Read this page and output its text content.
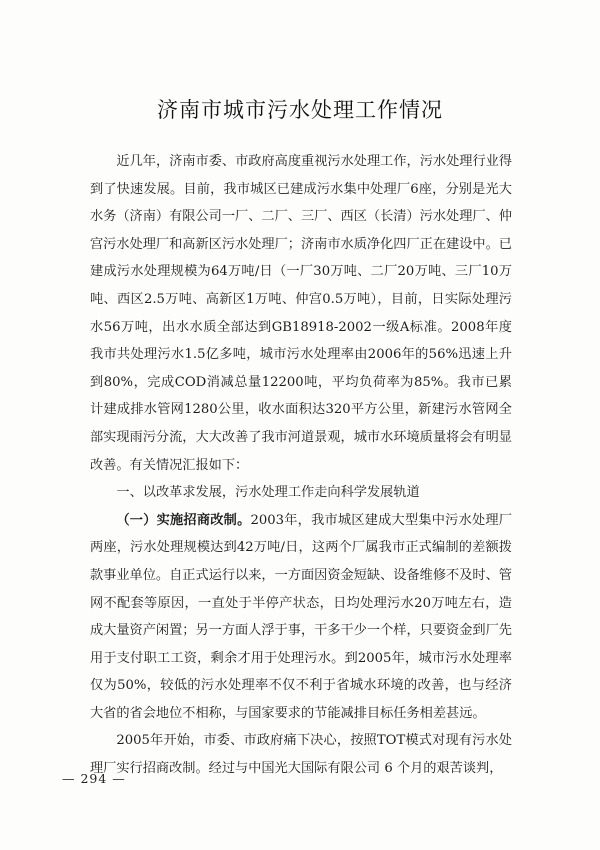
济南市城市污水处理工作情况

近几年，济南市委、市政府高度重视污水处理工作，污水处理行业得到了快速发展。目前，我市城区已建成污水集中处理厂6座，分别是光大水务（济南）有限公司一厂、二厂、三厂、西区（长清）污水处理厂、仲宫污水处理厂和高新区污水处理厂；济南市水质净化四厂正在建设中。已建成污水处理规模为64万吨/日（一厂30万吨、二厂20万吨、三厂10万吨、西区2.5万吨、高新区1万吨、仲宫0.5万吨），目前，日实际处理污水56万吨，出水水质全部达到GB18918-2002一级A标准。2008年度我市共处理污水1.5亿多吨，城市污水处理率由2006年的56%迅速上升到80%，完成COD消减总量12200吨，平均负荷率为85%。我市已累计建成排水管网1280公里，收水面积达320平方公里，新建污水管网全部实现雨污分流，大大改善了我市河道景观，城市水环境质量将会有明显改善。有关情况汇报如下：

一、以改革求发展，污水处理工作走向科学发展轨道

（一）实施招商改制。2003年，我市城区建成大型集中污水处理厂两座，污水处理规模达到42万吨/日，这两个厂属我市正式编制的差额拨款事业单位。自正式运行以来，一方面因资金短缺、设备维修不及时、管网不配套等原因，一直处于半停产状态，日均处理污水20万吨左右，造成大量资产闲置；另一方面人浮于事，干多干少一个样，只要资金到厂先用于支付职工工资，剩余才用于处理污水。到2005年，城市污水处理率仅为50%，较低的污水处理率不仅不利于省城水环境的改善，也与经济大省的省会地位不相称，与国家要求的节能减排目标任务相差甚远。

2005年开始，市委、市政府痛下决心，按照TOT模式对现有污水处理厂实行招商改制。经过与中国光大国际有限公司 6 个月的艰苦谈判，

— 294 —
